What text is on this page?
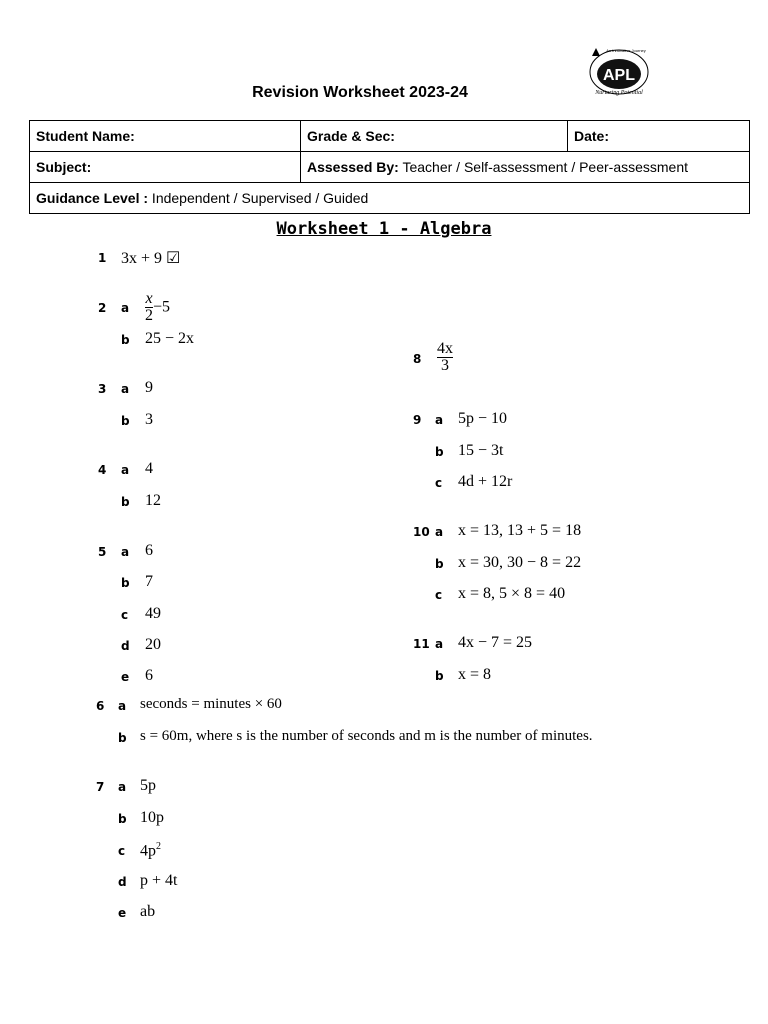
Revision Worksheet 2023-24
APL
An Innovative Journey
Nurturing Potential
Student Name:	Grade & Sec:	Date:
Subject:	Assessed By: Teacher / Self-assessment / Peer-assessment	
Guidance Level : Independent / Supervised / Guided		
Worksheet 1 - Algebra
1 3x + 9 ☑
2 a $\frac{x}{2} -5$
b 25 − 2x
3 a 9
b 3
4 a 4
b 12
5 a 6
b 7
c 49
d 20
e 6
6 a seconds = minutes × 60
b s = 60m, where s is the number of seconds and m is the number of minutes.
7 a 5p
b 10p
c $4p^2$
d p + 4t
e ab
$8 \frac{4x}{3}$
9 a 5p − 10
b 15 − 3t
c 4d + 12r
10 a x = 13, 13 + 5 = 18
b x = 30, 30 − 8 = 22
c x = 8, 5 × 8 = 40
11 a 4x − 7 = 25
b x = 8
